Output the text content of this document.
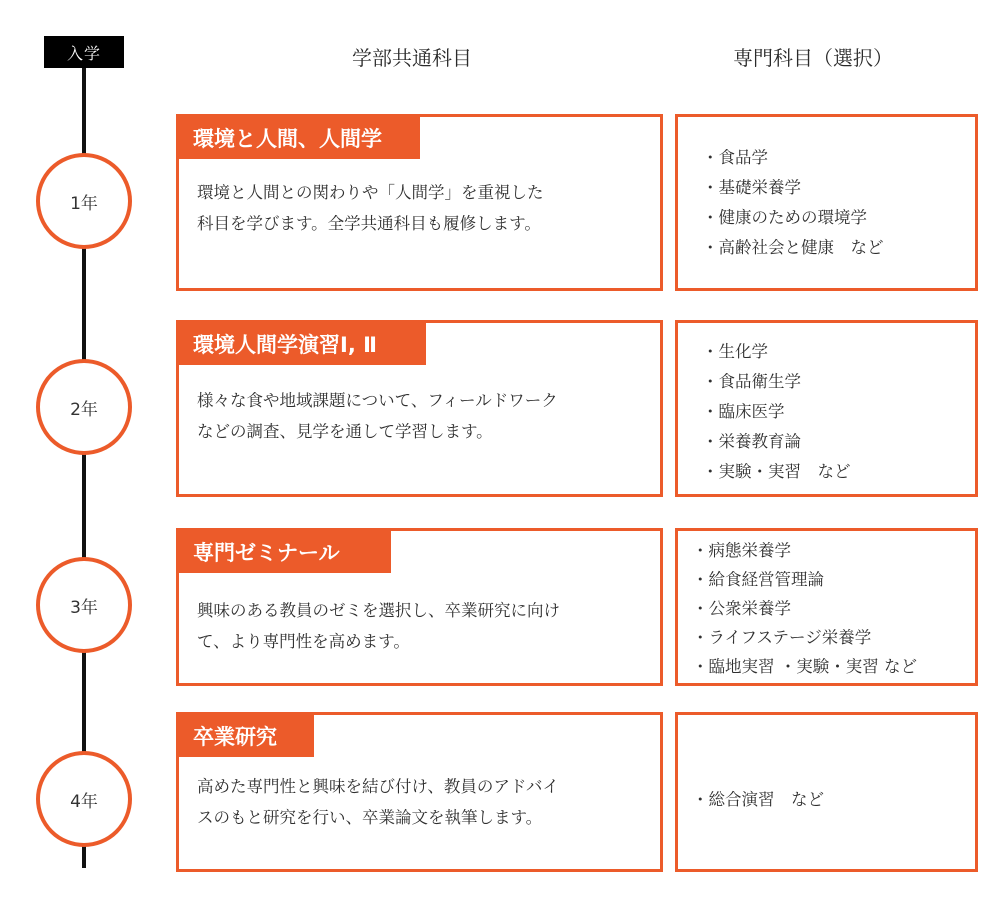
入学	学部共通科目	専門科目（選択）
1年
環境と人間、人間学
環境と人間との関わりや「人間学」を重視した
科目を学びます。全学共通科目も履修します。
・食品学
・基礎栄養学
・健康のための環境学
・高齢社会と健康　など
2年
環境人間学演習Ⅰ, Ⅱ
様々な食や地域課題について、フィールドワーク
などの調査、見学を通して学習します。
・生化学
・食品衛生学
・臨床医学
・栄養教育論
・実験・実習　など
3年
専門ゼミナール
興味のある教員のゼミを選択し、卒業研究に向け
て、より専門性を高めます。
・病態栄養学
・給食経営管理論
・公衆栄養学
・ライフステージ栄養学
・臨地実習 ・実験・実習 など
4年
卒業研究
高めた専門性と興味を結び付け、教員のアドバイ
スのもと研究を行い、卒業論文を執筆します。
・総合演習　など
